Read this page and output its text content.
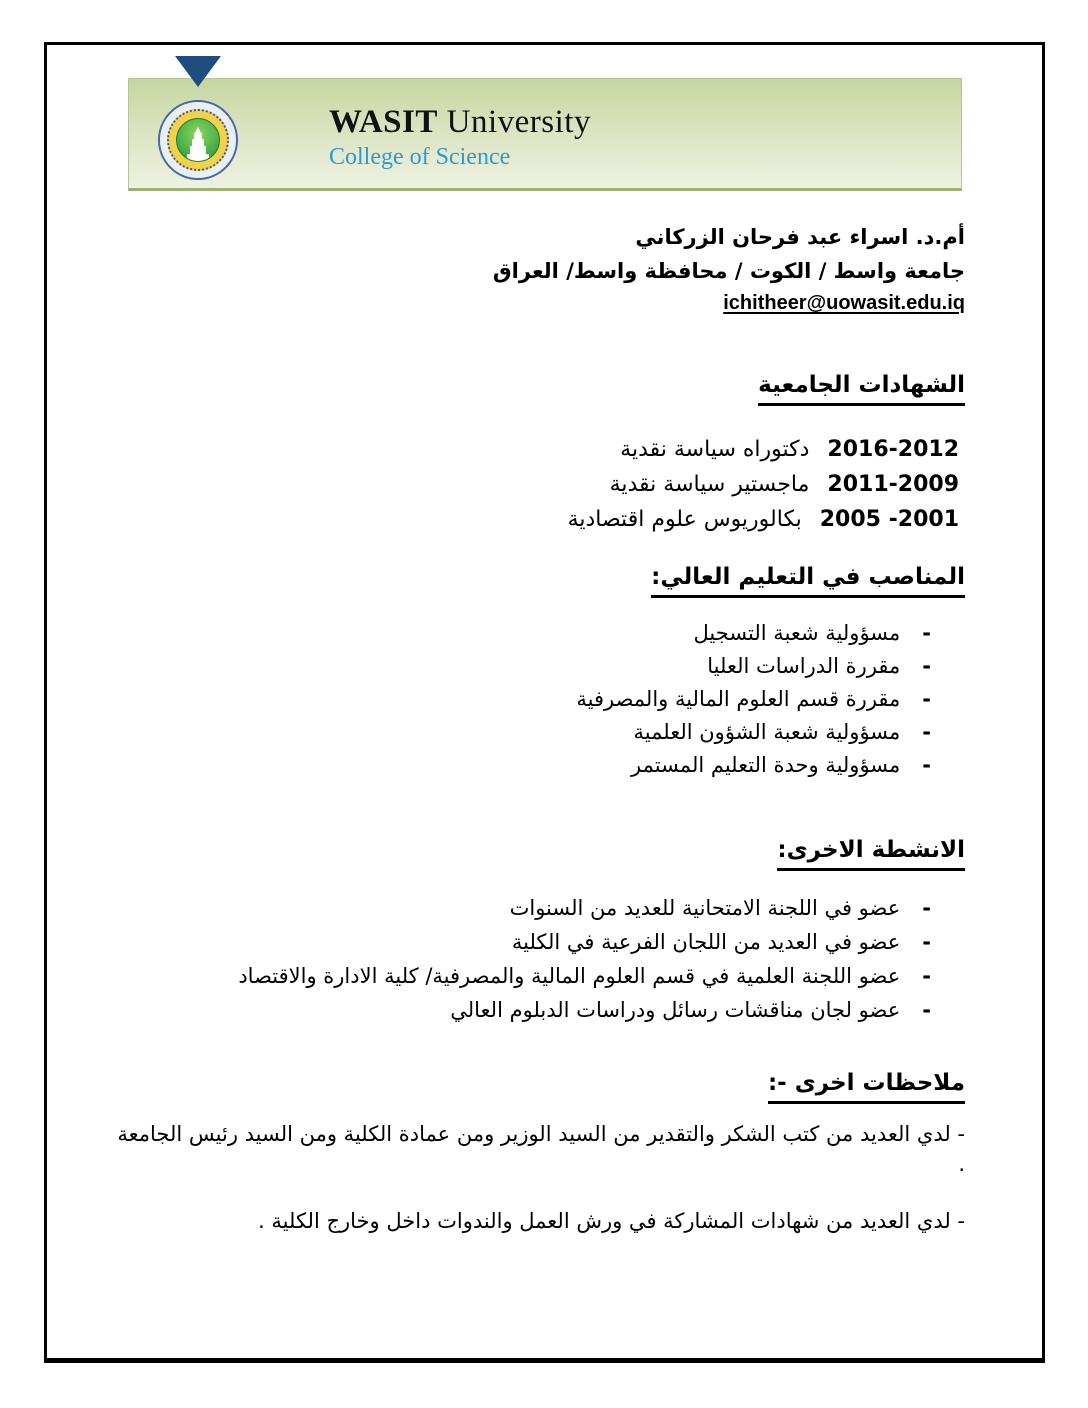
WASIT University
College of Science
أم.د. اسراء عبد فرحان الزركاني
جامعة واسط / الكوت / محافظة واسط/ العراق
ichitheer@uowasit.edu.iq
الشهادات الجامعية
2016-2012
دكتوراه سياسة نقدية
2011-2009
ماجستير سياسة نقدية
2001- 2005
بكالوريوس علوم اقتصادية
المناصب في التعليم العالي:
-
مسؤولية شعبة التسجيل
-
مقررة الدراسات العليا
-
مقررة قسم العلوم المالية والمصرفية
-
مسؤولية شعبة الشؤون العلمية
-
مسؤولية وحدة التعليم المستمر
الانشطة الاخرى:
-
عضو في اللجنة الامتحانية للعديد من السنوات
-
عضو في العديد من اللجان الفرعية في الكلية
-
عضو اللجنة العلمية في قسم العلوم المالية والمصرفية/ كلية الادارة والاقتصاد
-
عضو لجان مناقشات رسائل ودراسات الدبلوم العالي
ملاحظات اخرى -:
- لدي العديد من كتب الشكر والتقدير من السيد الوزير ومن عمادة الكلية ومن السيد رئيس الجامعة .
- لدي العديد من شهادات المشاركة في ورش العمل والندوات داخل وخارج الكلية .
